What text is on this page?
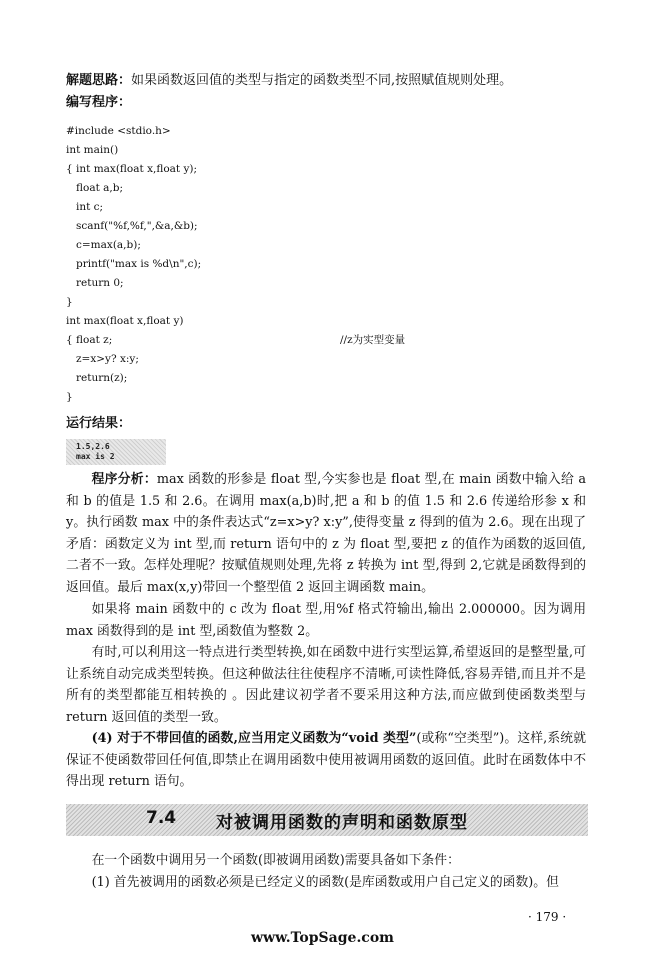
解题思路：如果函数返回值的类型与指定的函数类型不同,按照赋值规则处理。
编写程序：
#include <stdio.h>
int main()
{ int max(float x,float y);
float a,b;
int c;
scanf("%f,%f,",&a,&b);
c=max(a,b);
printf("max is %d\n",c);
return 0;
}
int max(float x,float y)
{ float z;
z=x>y? x:y;
return(z);
}
//z为实型变量
运行结果：
1.5,2.6
max is 2

程序分析：max 函数的形参是 float 型,今实参也是 float 型,在 main 函数中输入给 a 和 b 的值是 1.5 和 2.6。在调用 max(a,b)时,把 a 和 b 的值 1.5 和 2.6 传递给形参 x 和 y。执行函数 max 中的条件表达式“z=x>y? x:y”,使得变量 z 得到的值为 2.6。现在出现了矛盾：函数定义为 int 型,而 return 语句中的 z 为 float 型,要把 z 的值作为函数的返回值,二者不一致。怎样处理呢？按赋值规则处理,先将 z 转换为 int 型,得到 2,它就是函数得到的返回值。最后 max(x,y)带回一个整型值 2 返回主调函数 main。

如果将 main 函数中的 c 改为 float 型,用%f 格式符输出,输出 2.000000。因为调用 max 函数得到的是 int 型,函数值为整数 2。

有时,可以利用这一特点进行类型转换,如在函数中进行实型运算,希望返回的是整型量,可让系统自动完成类型转换。但这种做法往往使程序不清晰,可读性降低,容易弄错,而且并不是所有的类型都能互相转换的 。因此建议初学者不要采用这种方法,而应做到使函数类型与 return 返回值的类型一致。

(4) 对于不带回值的函数,应当用定义函数为“void 类型”(或称“空类型”)。这样,系统就保证不使函数带回任何值,即禁止在调用函数中使用被调用函数的返回值。此时在函数体中不得出现 return 语句。

7.4 对被调用函数的声明和函数原型

在一个函数中调用另一个函数(即被调用函数)需要具备如下条件：

(1) 首先被调用的函数必须是已经定义的函数(是库函数或用户自己定义的函数)。但

· 179 ·
www.TopSage.com
